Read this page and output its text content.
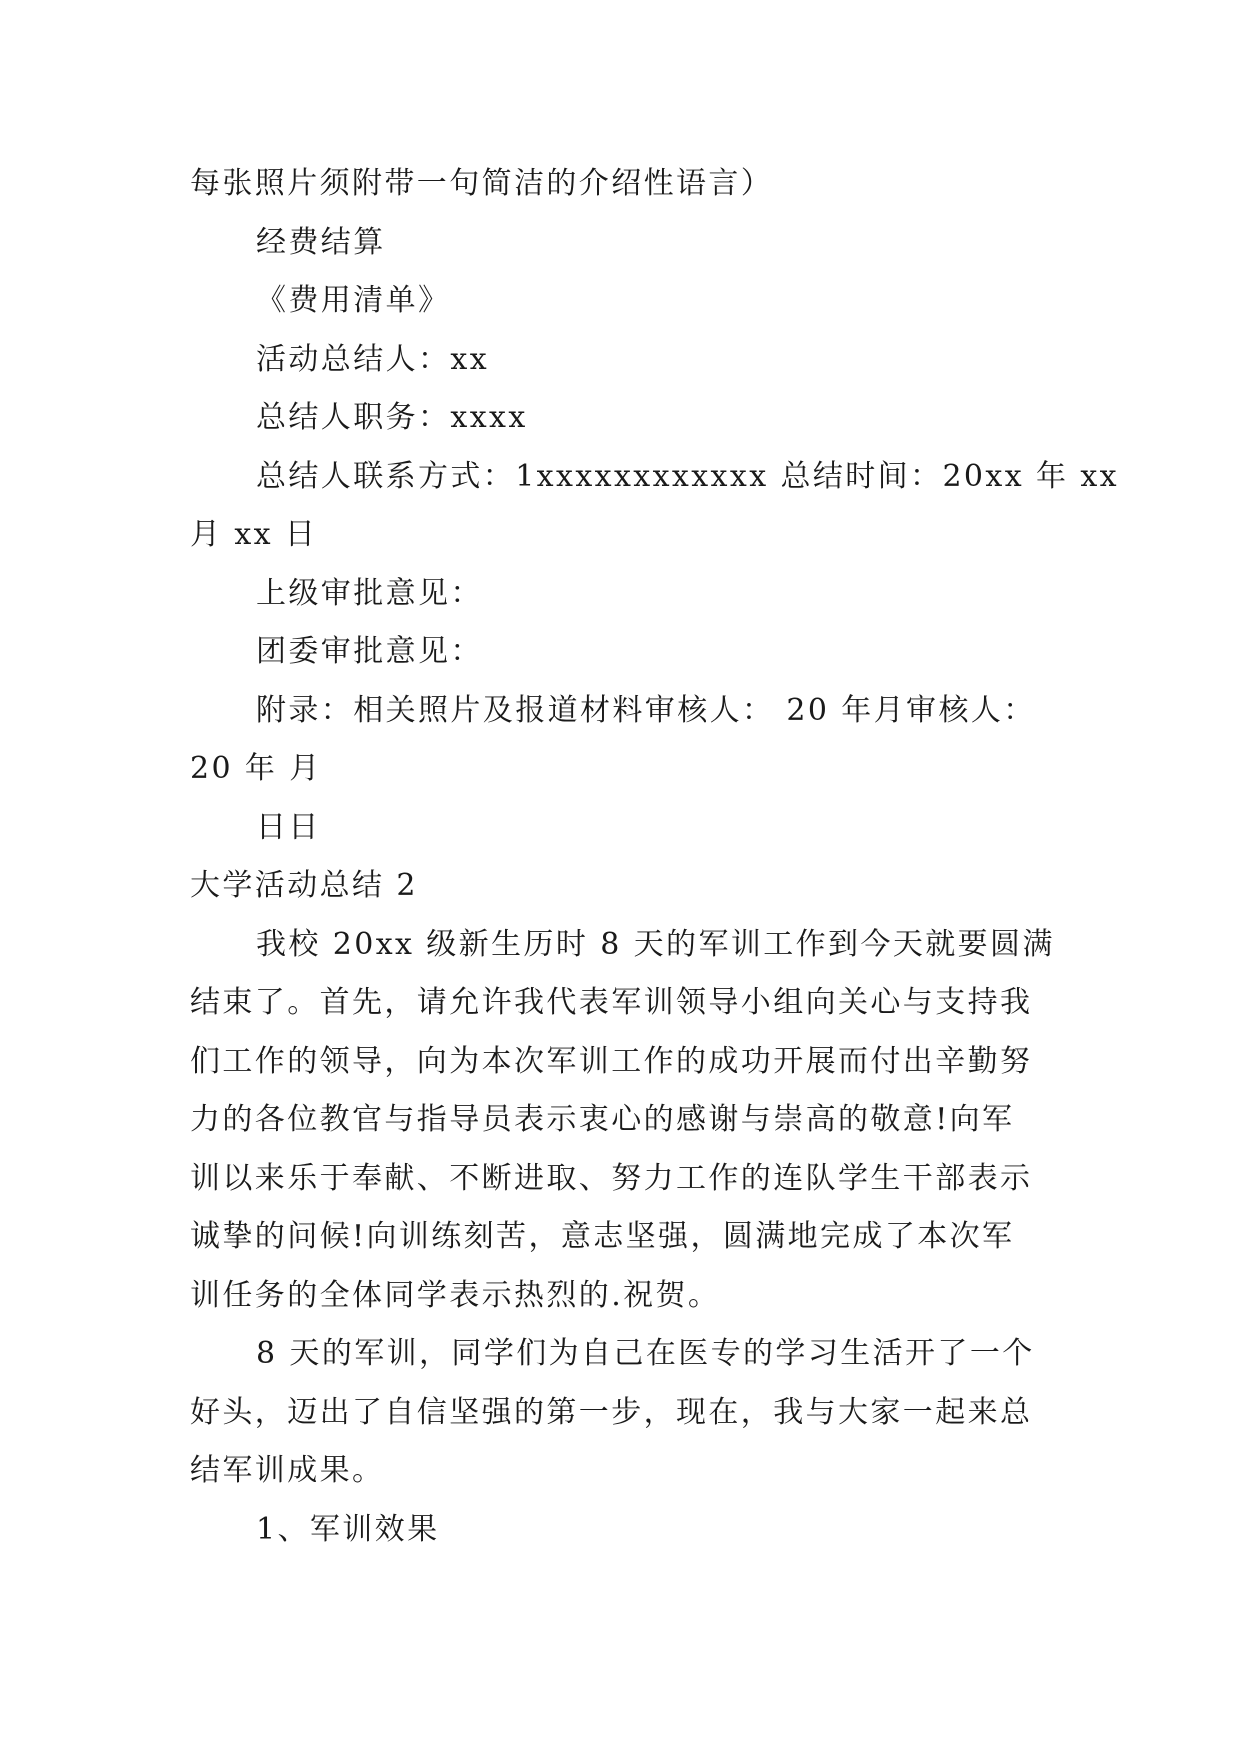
每张照片须附带一句简洁的介绍性语言）
经费结算
《费用清单》
活动总结人：xx
总结人职务：xxxx
总结人联系方式：1xxxxxxxxxxxx 总结时间：20xx 年 xx
月 xx 日
上级审批意见：
团委审批意见：
附录：相关照片及报道材料审核人： 20 年月审核人：
20 年 月
日日
大学活动总结 2
我校 20xx 级新生历时 8 天的军训工作到今天就要圆满
结束了。首先，请允许我代表军训领导小组向关心与支持我
们工作的领导，向为本次军训工作的成功开展而付出辛勤努
力的各位教官与指导员表示衷心的感谢与崇高的敬意!向军
训以来乐于奉献、不断进取、努力工作的连队学生干部表示
诚挚的问候!向训练刻苦，意志坚强，圆满地完成了本次军
训任务的全体同学表示热烈的.祝贺。
8 天的军训，同学们为自己在医专的学习生活开了一个
好头，迈出了自信坚强的第一步，现在，我与大家一起来总
结军训成果。
1、军训效果
